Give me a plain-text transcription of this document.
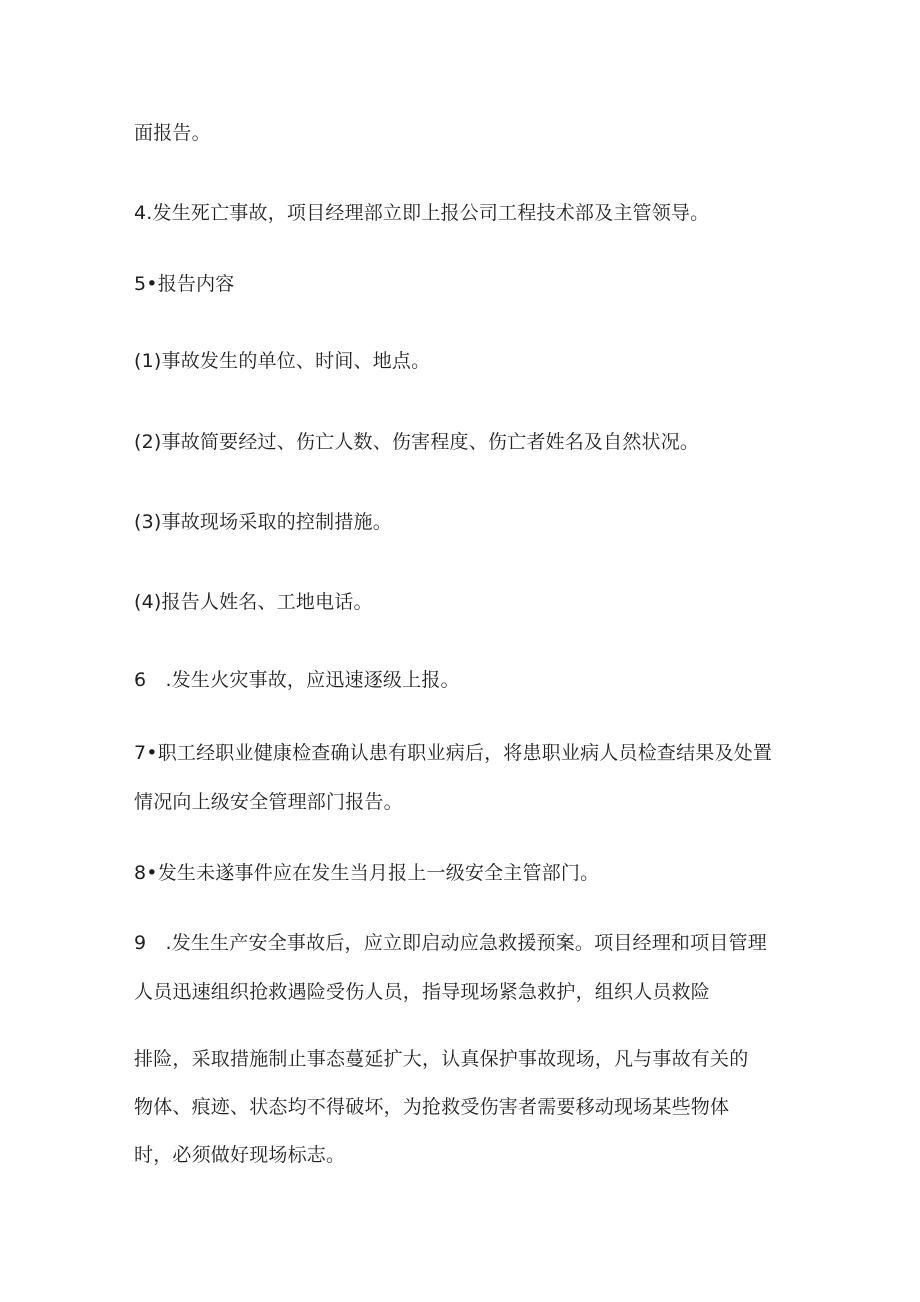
面报告。
4.发生死亡事故，项目经理部立即上报公司工程技术部及主管领导。
5•报告内容
(1)事故发生的单位、时间、地点。
(2)事故简要经过、伤亡人数、伤害程度、伤亡者姓名及自然状况。
(3)事故现场采取的控制措施。
(4)报告人姓名、工地电话。
6 .发生火灾事故，应迅速逐级上报。
7•职工经职业健康检查确认患有职业病后，将患职业病人员检查结果及处置
情况向上级安全管理部门报告。
8•发生未遂事件应在发生当月报上一级安全主管部门。
9 .发生生产安全事故后，应立即启动应急救援预案。项目经理和项目管理
人员迅速组织抢救遇险受伤人员，指导现场紧急救护，组织人员救险
排险，采取措施制止事态蔓延扩大，认真保护事故现场，凡与事故有关的
物体、痕迹、状态均不得破坏，为抢救受伤害者需要移动现场某些物体
时，必须做好现场标志。
